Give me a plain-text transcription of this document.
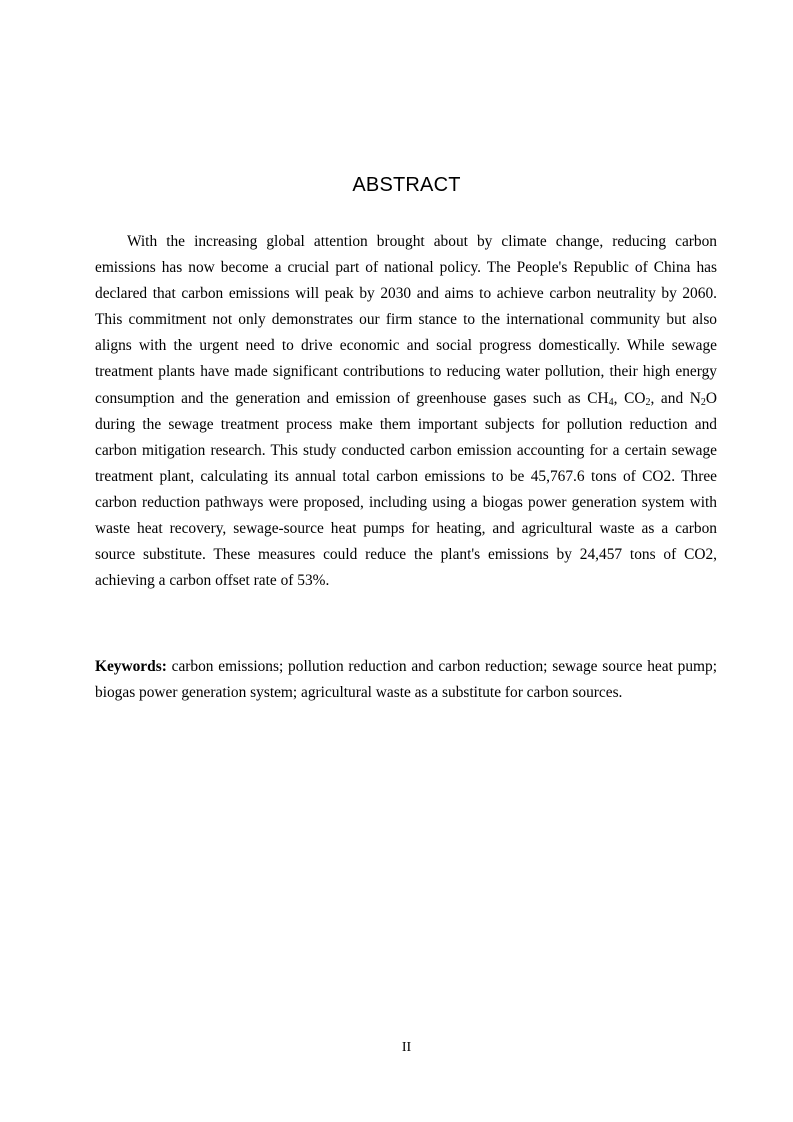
ABSTRACT

With the increasing global attention brought about by climate change, reducing carbon emissions has now become a crucial part of national policy. The People's Republic of China has declared that carbon emissions will peak by 2030 and aims to achieve carbon neutrality by 2060. This commitment not only demonstrates our firm stance to the international community but also aligns with the urgent need to drive economic and social progress domestically. While sewage treatment plants have made significant contributions to reducing water pollution, their high energy consumption and the generation and emission of greenhouse gases such as $CH_4$, $CO_2$, and $N_2O$ during the sewage treatment process make them important subjects for pollution reduction and carbon mitigation research. This study conducted carbon emission accounting for a certain sewage treatment plant, calculating its annual total carbon emissions to be 45,767.6 tons of CO2. Three carbon reduction pathways were proposed, including using a biogas power generation system with waste heat recovery, sewage-source heat pumps for heating, and agricultural waste as a carbon source substitute. These measures could reduce the plant's emissions by 24,457 tons of CO2, achieving a carbon offset rate of 53%.

Keywords: carbon emissions; pollution reduction and carbon reduction; sewage source heat pump; biogas power generation system; agricultural waste as a substitute for carbon sources.

II
